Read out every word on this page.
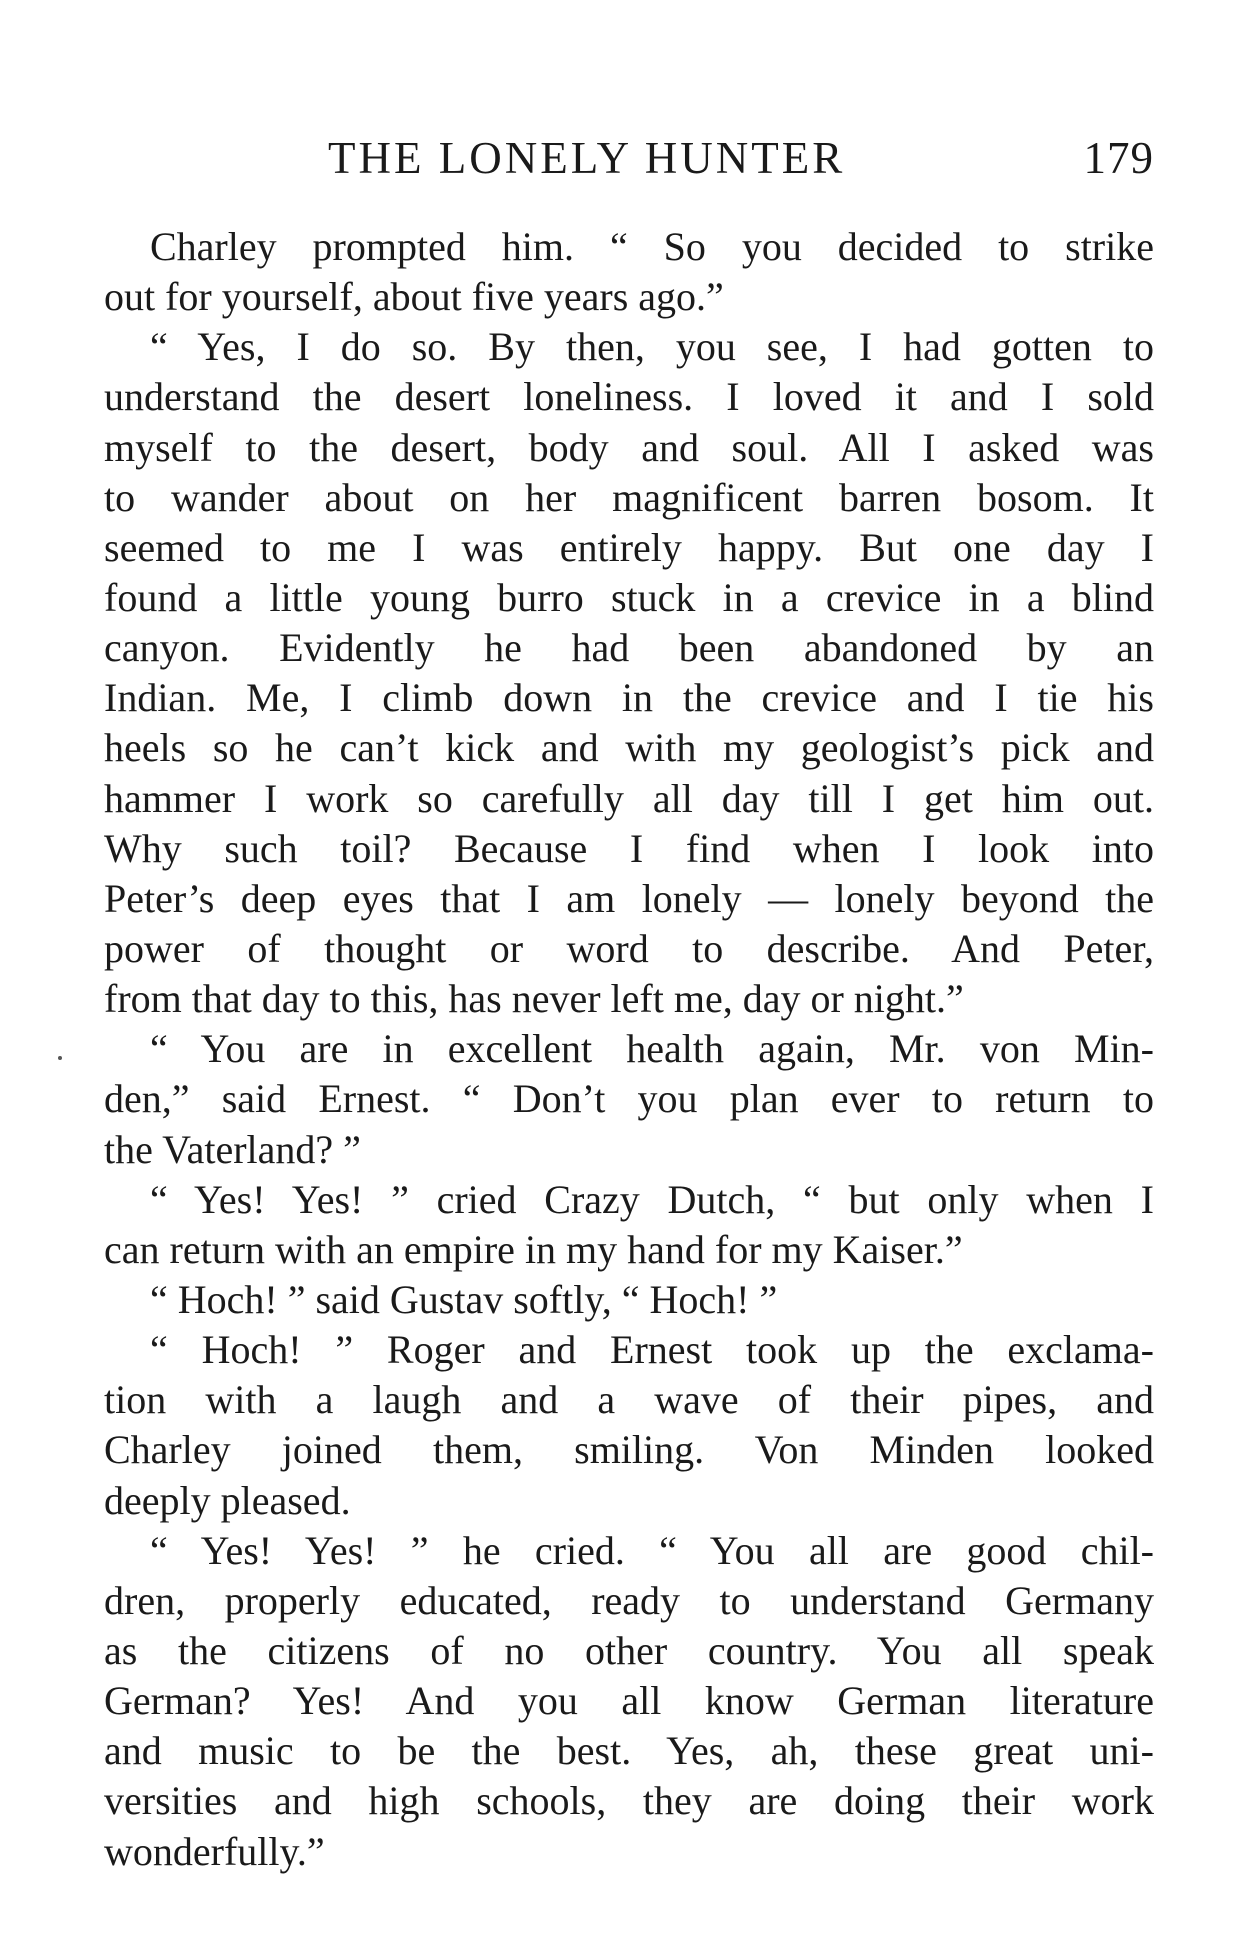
THE LONELY HUNTER	179
Charley prompted him. “ So you decided to strike
out for yourself, about five years ago.”
“ Yes, I do so. By then, you see, I had gotten to
understand the desert loneliness. I loved it and I sold
myself to the desert, body and soul. All I asked was
to wander about on her magnificent barren bosom. It
seemed to me I was entirely happy. But one day I
found a little young burro stuck in a crevice in a blind
canyon. Evidently he had been abandoned by an
Indian. Me, I climb down in the crevice and I tie his
heels so he can’t kick and with my geologist’s pick and
hammer I work so carefully all day till I get him out.
Why such toil? Because I find when I look into
Peter’s deep eyes that I am lonely — lonely beyond the
power of thought or word to describe. And Peter,
from that day to this, has never left me, day or night.”
“ You are in excellent health again, Mr. von Min-
den,” said Ernest. “ Don’t you plan ever to return to
the Vaterland? ”
“ Yes! Yes! ” cried Crazy Dutch, “ but only when I
can return with an empire in my hand for my Kaiser.”
“ Hoch! ” said Gustav softly, “ Hoch! ”
“ Hoch! ” Roger and Ernest took up the exclama-
tion with a laugh and a wave of their pipes, and
Charley joined them, smiling. Von Minden looked
deeply pleased.
“ Yes! Yes! ” he cried. “ You all are good chil-
dren, properly educated, ready to understand Germany
as the citizens of no other country. You all speak
German? Yes! And you all know German literature
and music to be the best. Yes, ah, these great uni-
versities and high schools, they are doing their work
wonderfully.”
